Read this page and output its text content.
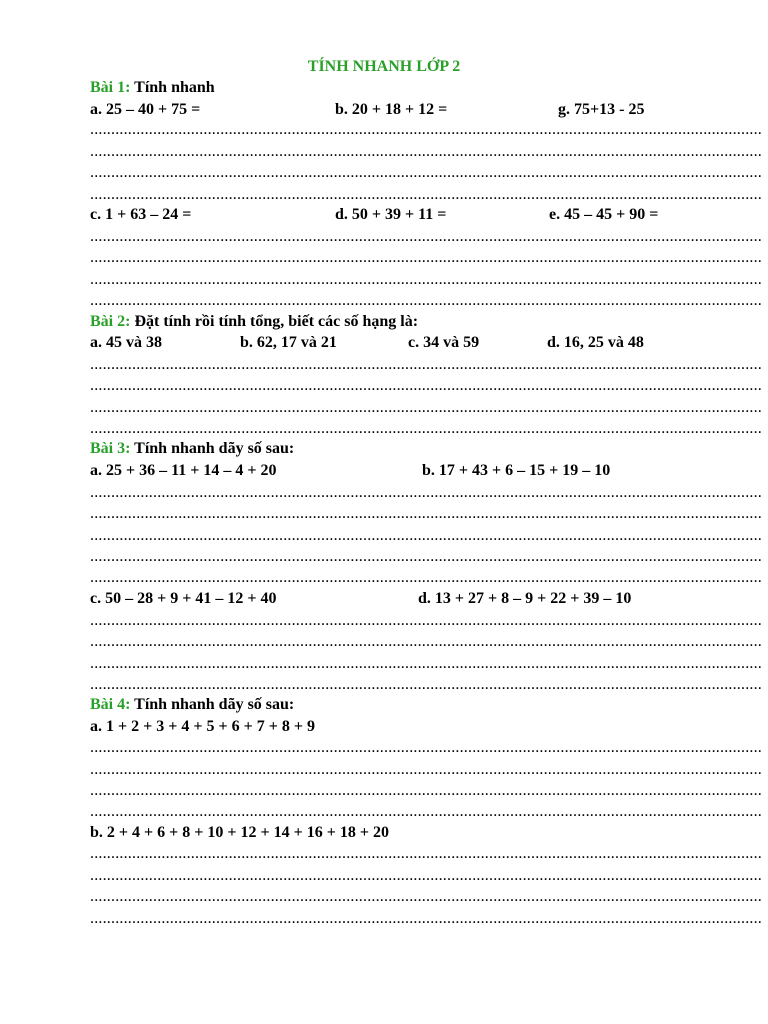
TÍNH NHANH LỚP 2
Bài 1: Tính nhanh
a. 25 – 40 + 75 =	b. 20 + 18 + 12 =	g. 75+13 - 25
................................................................................................................................................................
................................................................................................................................................................
................................................................................................................................................................
................................................................................................................................................................
c. 1 + 63 – 24 =	d. 50 + 39 + 11 =	e. 45 – 45 + 90 =
................................................................................................................................................................
................................................................................................................................................................
................................................................................................................................................................
................................................................................................................................................................
Bài 2: Đặt tính rồi tính tổng, biết các số hạng là:
a. 45 và 38	b. 62, 17 và 21	c. 34 và 59	d. 16, 25 và 48
................................................................................................................................................................
................................................................................................................................................................
................................................................................................................................................................
................................................................................................................................................................
Bài 3: Tính nhanh dãy số sau:
a. 25 + 36 – 11 + 14 – 4 + 20	b. 17 + 43 + 6 – 15 + 19 – 10
................................................................................................................................................................
................................................................................................................................................................
................................................................................................................................................................
................................................................................................................................................................
................................................................................................................................................................
c. 50 – 28 + 9 + 41 – 12 + 40	d. 13 + 27 + 8 – 9 + 22 + 39 – 10
................................................................................................................................................................
................................................................................................................................................................
................................................................................................................................................................
................................................................................................................................................................
Bài 4: Tính nhanh dãy số sau:
a. 1 + 2 + 3 + 4 + 5 + 6 + 7 + 8 + 9
................................................................................................................................................................
................................................................................................................................................................
................................................................................................................................................................
................................................................................................................................................................
b. 2 + 4 + 6 + 8 + 10 + 12 + 14 + 16 + 18 + 20
................................................................................................................................................................
................................................................................................................................................................
................................................................................................................................................................
................................................................................................................................................................
